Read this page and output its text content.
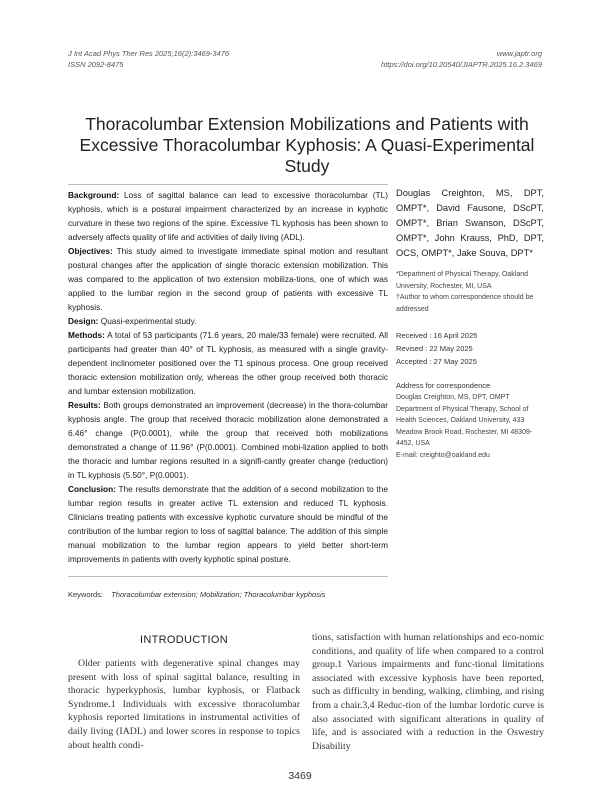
J Int Acad Phys Ther Res 2025;16(2):3469-3476
ISSN 2092-8475
www.japtr.org
https://doi.org/10.20540/JIAPTR.2025.16.2.3469
Thoracolumbar Extension Mobilizations and Patients with Excessive Thoracolumbar Kyphosis: A Quasi-Experimental Study

Background: Loss of sagittal balance can lead to excessive thoracolumbar (TL) kyphosis, which is a postural impairment characterized by an increase in kyphotic curvature in these two regions of the spine. Excessive TL kyphosis has been shown to adversely affects quality of life and activities of daily living (ADL).

Objectives: This study aimed to investigate immediate spinal motion and resultant postural changes after the application of single thoracic extension mobilization. This was compared to the application of two extension mobiliza-tions, one of which was applied to the lumbar region in the second group of patients with excessive TL kyphosis.

Design: Quasi-experimental study.

Methods: A total of 53 participants (71.6 years, 20 male/33 female) were recruited. All participants had greater than 40° of TL kyphosis, as measured with a single gravity-dependent inclinometer positioned over the T1 spinous process. One group received thoracic extension mobilization only, whereas the other group received both thoracic and lumbar extension mobilization.

Results: Both groups demonstrated an improvement (decrease) in the thora-columbar kyphosis angle. The group that received thoracic mobilization alone demonstrated a 6.46° change (P(0.0001), while the group that received both mobilizations demonstrated a change of 11.96° (P(0.0001). Combined mobi-lization applied to both the thoracic and lumbar regions resulted in a signifi-cantly greater change (reduction) in TL kyphosis (5.50°, P(0.0001).

Conclusion: The results demonstrate that the addition of a second mobilization to the lumbar region results in greater active TL extension and reduced TL kyphosis. Clinicians treating patients with excessive kyphotic curvature should be mindful of the contribution of the lumbar region to loss of sagittal balance. The addition of this simple manual mobilization to the lumbar region appears to yield better short-term improvements in patients with overly kyphotic spinal posture.

Douglas Creighton, MS, DPT, OMPT*, David Fausone, DScPT, OMPT*, Brian Swanson, DScPT, OMPT*, John Krauss, PhD, DPT, OCS, OMPT*, Jake Souva, DPT*
*Department of Physical Therapy, Oakland University, Rochester, MI, USA
†Author to whom correspondence should be addressed
Received : 16 April 2025
Revised : 22 May 2025
Accepted : 27 May 2025
Address for correspondence
Douglas Creighton, MS, DPT, OMPT
Department of Physical Therapy, School of Health Sciences, Oakland University, 433 Meadow Brook Road, Rochester, MI 48309-4452, USA
E-mail: creighto@oakland.edu
Keywords: Thoracolumbar extension; Mobilization; Thoracolumbar kyphosis
INTRODUCTION
Older patients with degenerative spinal changes may present with loss of spinal sagittal balance, resulting in thoracic hyperkyphosis, lumbar kyphosis, or Flatback Syndrome.1 Individuals with excessive thoracolumbar kyphosis reported limitations in instrumental activities of daily living (IADL) and lower scores in response to topics about health condi-
tions, satisfaction with human relationships and eco-nomic conditions, and quality of life when compared to a control group.1 Various impairments and func-tional limitations associated with excessive kyphosis have been reported, such as difficulty in bending, walking, climbing, and rising from a chair.3,4 Reduc-tion of the lumbar lordotic curve is also associated with significant alterations in quality of life, and is associated with a reduction in the Oswestry Disability
3469
